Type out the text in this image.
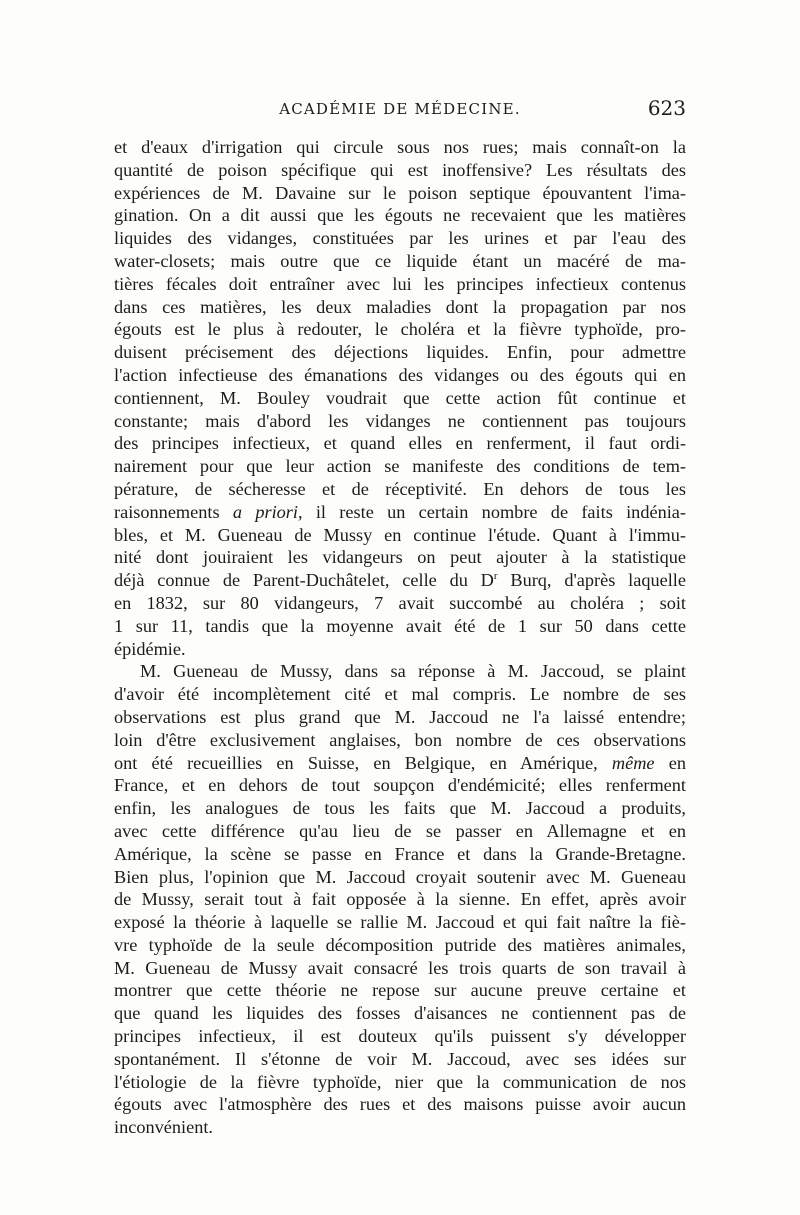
ACADÉMIE DE MÉDECINE.	623
et d'eaux d'irrigation qui circule sous nos rues; mais connaît-on la
quantité de poison spécifique qui est inoffensive? Les résultats des
expériences de M. Davaine sur le poison septique épouvantent l'ima-
gination. On a dit aussi que les égouts ne recevaient que les matières
liquides des vidanges, constituées par les urines et par l'eau des
water-closets; mais outre que ce liquide étant un macéré de ma-
tières fécales doit entraîner avec lui les principes infectieux contenus
dans ces matières, les deux maladies dont la propagation par nos
égouts est le plus à redouter, le choléra et la fièvre typhoïde, pro-
duisent précisement des déjections liquides. Enfin, pour admettre
l'action infectieuse des émanations des vidanges ou des égouts qui en
contiennent, M. Bouley voudrait que cette action fût continue et
constante; mais d'abord les vidanges ne contiennent pas toujours
des principes infectieux, et quand elles en renferment, il faut ordi-
nairement pour que leur action se manifeste des conditions de tem-
pérature, de sécheresse et de réceptivité. En dehors de tous les
raisonnements a priori, il reste un certain nombre de faits indénia-
bles, et M. Gueneau de Mussy en continue l'étude. Quant à l'immu-
nité dont jouiraient les vidangeurs on peut ajouter à la statistique
déjà connue de Parent-Duchâtelet, celle du $D^r$ Burq, d'après laquelle
en 1832, sur 80 vidangeurs, 7 avait succombé au choléra ; soit
1 sur 11, tandis que la moyenne avait été de 1 sur 50 dans cette
épidémie.
M. Gueneau de Mussy, dans sa réponse à M. Jaccoud, se plaint
d'avoir été incomplètement cité et mal compris. Le nombre de ses
observations est plus grand que M. Jaccoud ne l'a laissé entendre;
loin d'être exclusivement anglaises, bon nombre de ces observations
ont été recueillies en Suisse, en Belgique, en Amérique, même en
France, et en dehors de tout soupçon d'endémicité; elles renferment
enfin, les analogues de tous les faits que M. Jaccoud a produits,
avec cette différence qu'au lieu de se passer en Allemagne et en
Amérique, la scène se passe en France et dans la Grande-Bretagne.
Bien plus, l'opinion que M. Jaccoud croyait soutenir avec M. Gueneau
de Mussy, serait tout à fait opposée à la sienne. En effet, après avoir
exposé la théorie à laquelle se rallie M. Jaccoud et qui fait naître la fiè-
vre typhoïde de la seule décomposition putride des matières animales,
M. Gueneau de Mussy avait consacré les trois quarts de son travail à
montrer que cette théorie ne repose sur aucune preuve certaine et
que quand les liquides des fosses d'aisances ne contiennent pas de
principes infectieux, il est douteux qu'ils puissent s'y développer
spontanément. Il s'étonne de voir M. Jaccoud, avec ses idées sur
l'étiologie de la fièvre typhoïde, nier que la communication de nos
égouts avec l'atmosphère des rues et des maisons puisse avoir aucun
inconvénient.
